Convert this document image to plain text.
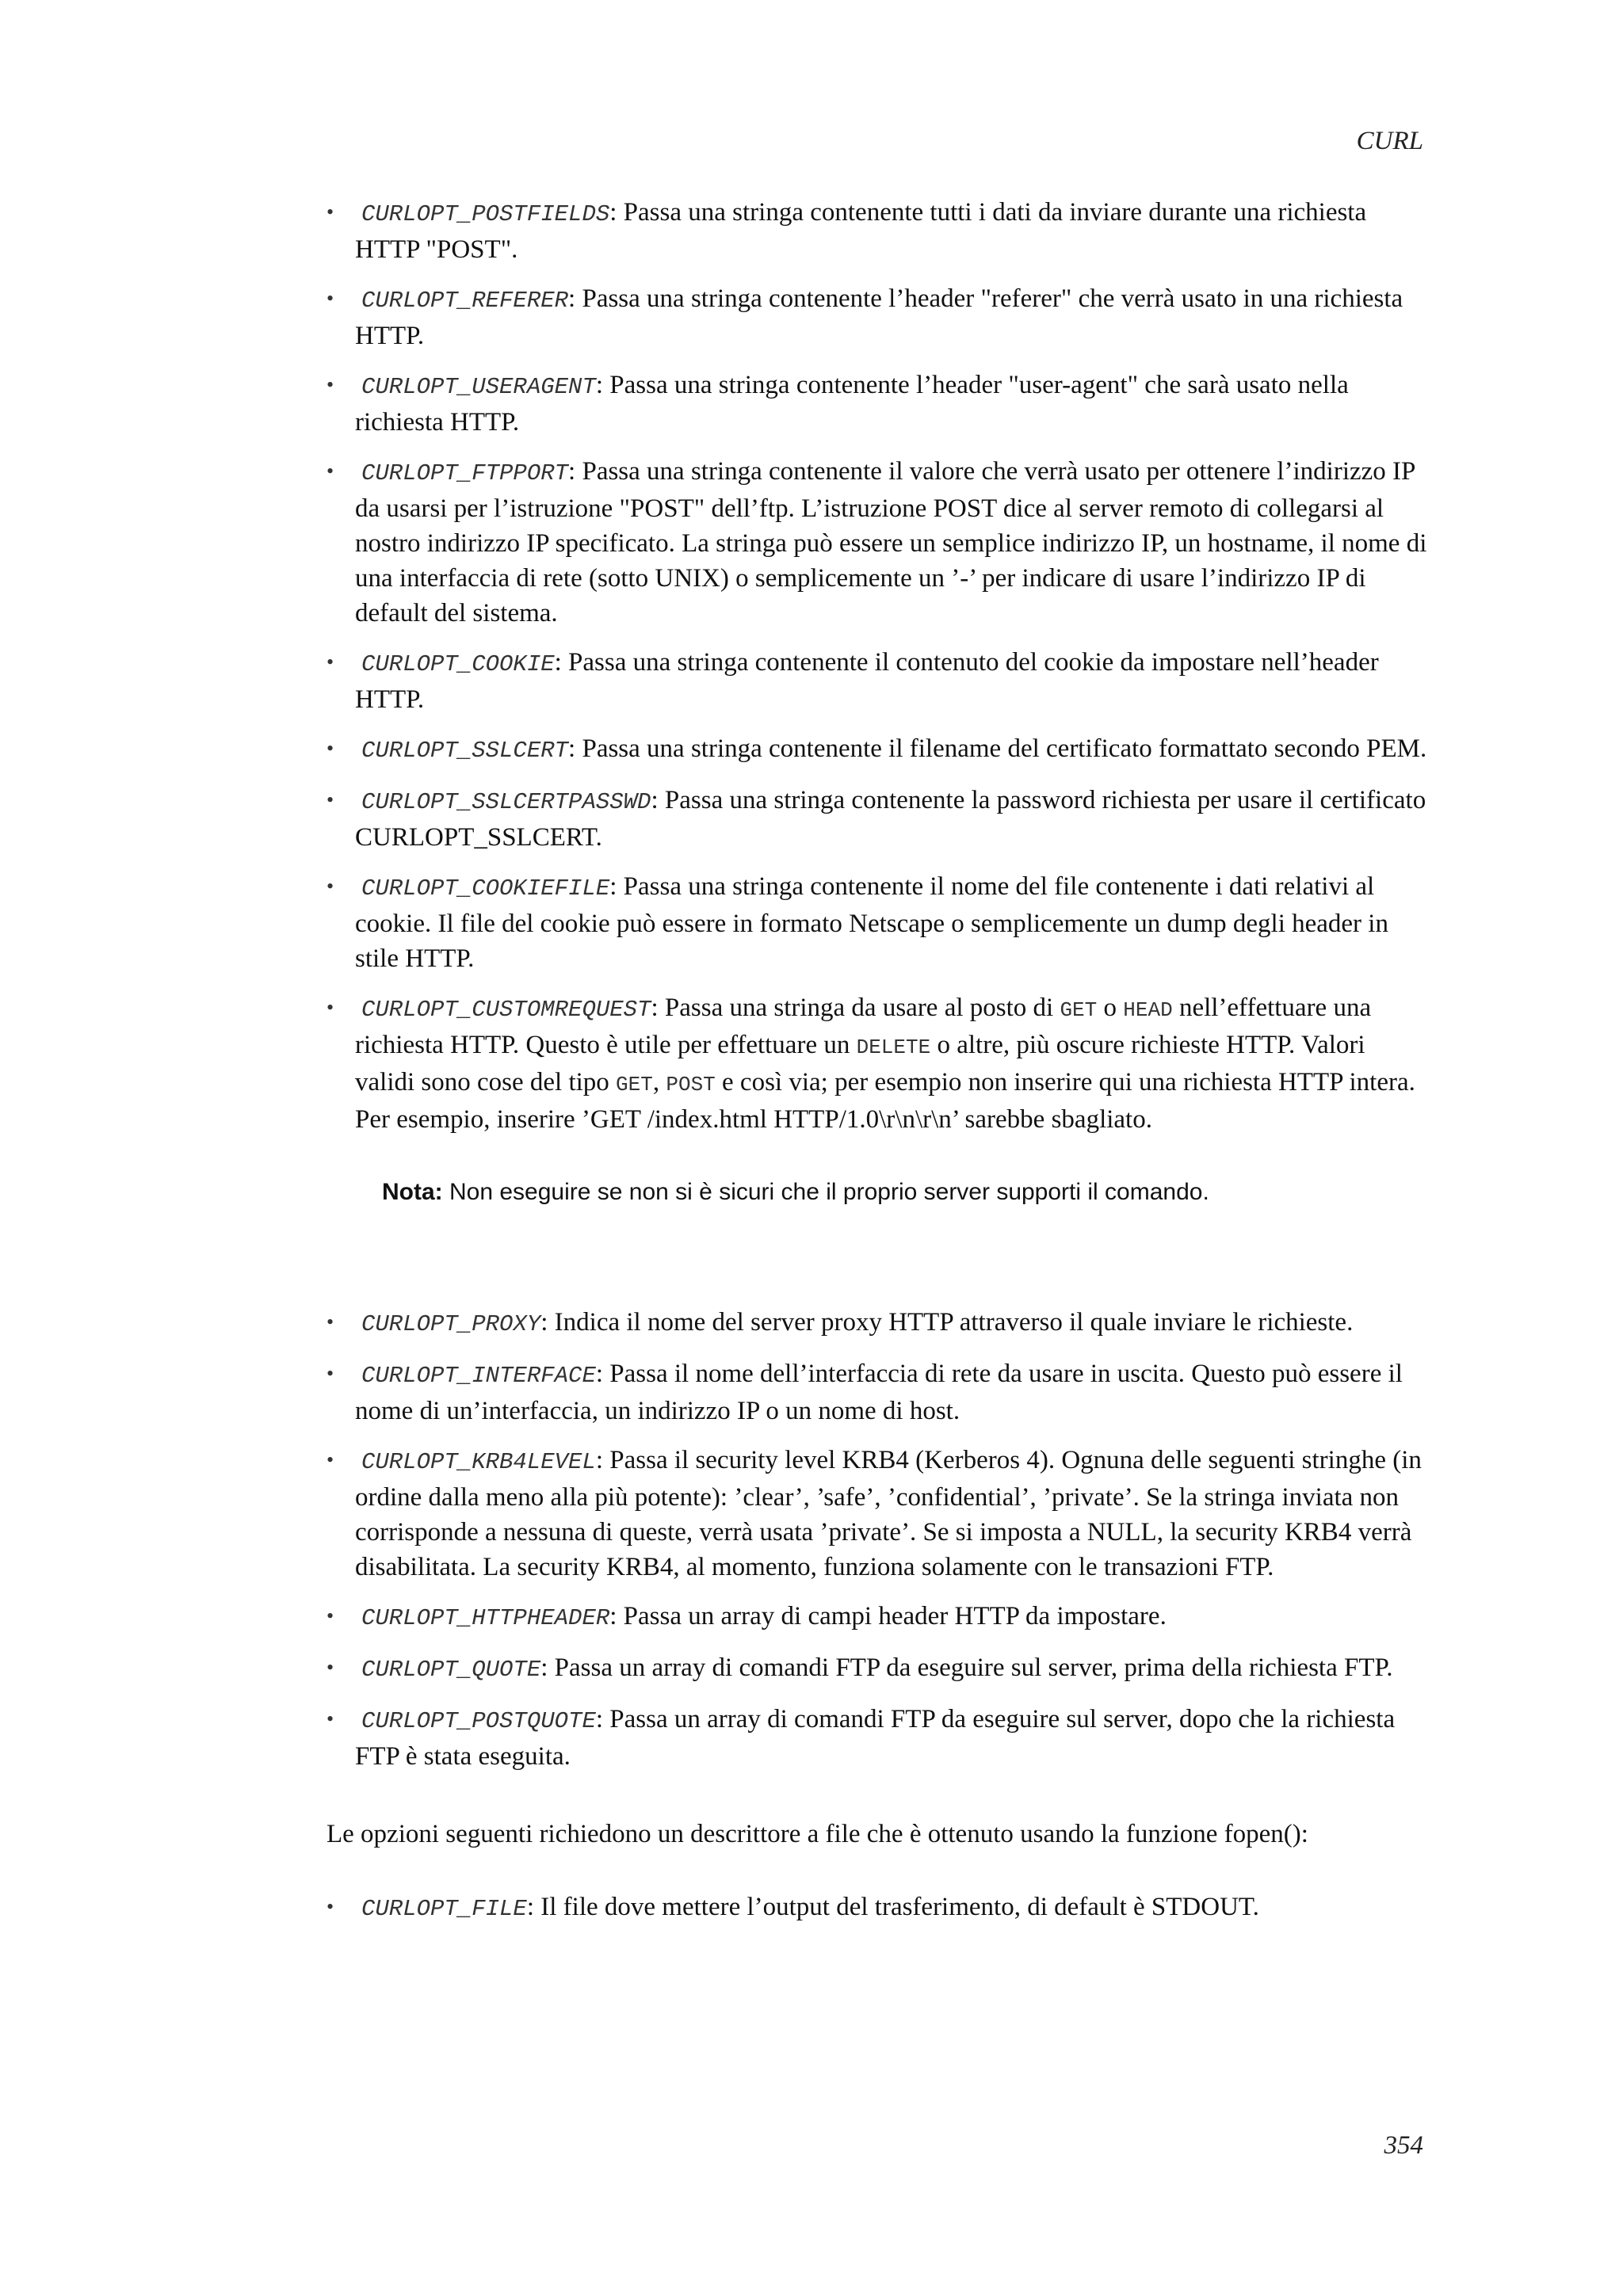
CURL
• CURLOPT_POSTFIELDS: Passa una stringa contenente tutti i dati da inviare durante una richiesta HTTP "POST".
• CURLOPT_REFERER: Passa una stringa contenente l’header "referer" che verrà usato in una richiesta HTTP.
• CURLOPT_USERAGENT: Passa una stringa contenente l’header "user-agent" che sarà usato nella richiesta HTTP.
• CURLOPT_FTPPORT: Passa una stringa contenente il valore che verrà usato per ottenere l’indirizzo IP da usarsi per l’istruzione "POST" dell’ftp. L’istruzione POST dice al server remoto di collegarsi al nostro indirizzo IP specificato. La stringa può essere un semplice indirizzo IP, un hostname, il nome di una interfaccia di rete (sotto UNIX) o semplicemente un ’-’ per indicare di usare l’indirizzo IP di default del sistema.
• CURLOPT_COOKIE: Passa una stringa contenente il contenuto del cookie da impostare nell’header HTTP.
• CURLOPT_SSLCERT: Passa una stringa contenente il filename del certificato formattato secondo PEM.
• CURLOPT_SSLCERTPASSWD: Passa una stringa contenente la password richiesta per usare il certificato CURLOPT_SSLCERT.
• CURLOPT_COOKIEFILE: Passa una stringa contenente il nome del file contenente i dati relativi al cookie. Il file del cookie può essere in formato Netscape o semplicemente un dump degli header in stile HTTP.
• CURLOPT_CUSTOMREQUEST: Passa una stringa da usare al posto di GET o HEAD nell’effettuare una richiesta HTTP. Questo è utile per effettuare un DELETE o altre, più oscure richieste HTTP. Valori validi sono cose del tipo GET, POST e così via; per esempio non inserire qui una richiesta HTTP intera. Per esempio, inserire ’GET /index.html HTTP/1.0\r\n\r\n’ sarebbe sbagliato.
Nota: Non eseguire se non si è sicuri che il proprio server supporti il comando.
• CURLOPT_PROXY: Indica il nome del server proxy HTTP attraverso il quale inviare le richieste.
• CURLOPT_INTERFACE: Passa il nome dell’interfaccia di rete da usare in uscita. Questo può essere il nome di un’interfaccia, un indirizzo IP o un nome di host.
• CURLOPT_KRB4LEVEL: Passa il security level KRB4 (Kerberos 4). Ognuna delle seguenti stringhe (in ordine dalla meno alla più potente): ’clear’, ’safe’, ’confidential’, ’private’. Se la stringa inviata non corrisponde a nessuna di queste, verrà usata ’private’. Se si imposta a NULL, la security KRB4 verrà disabilitata. La security KRB4, al momento, funziona solamente con le transazioni FTP.
• CURLOPT_HTTPHEADER: Passa un array di campi header HTTP da impostare.
• CURLOPT_QUOTE: Passa un array di comandi FTP da eseguire sul server, prima della richiesta FTP.
• CURLOPT_POSTQUOTE: Passa un array di comandi FTP da eseguire sul server, dopo che la richiesta FTP è stata eseguita.

Le opzioni seguenti richiedono un descrittore a file che è ottenuto usando la funzione fopen():

• CURLOPT_FILE: Il file dove mettere l’output del trasferimento, di default è STDOUT.
354
